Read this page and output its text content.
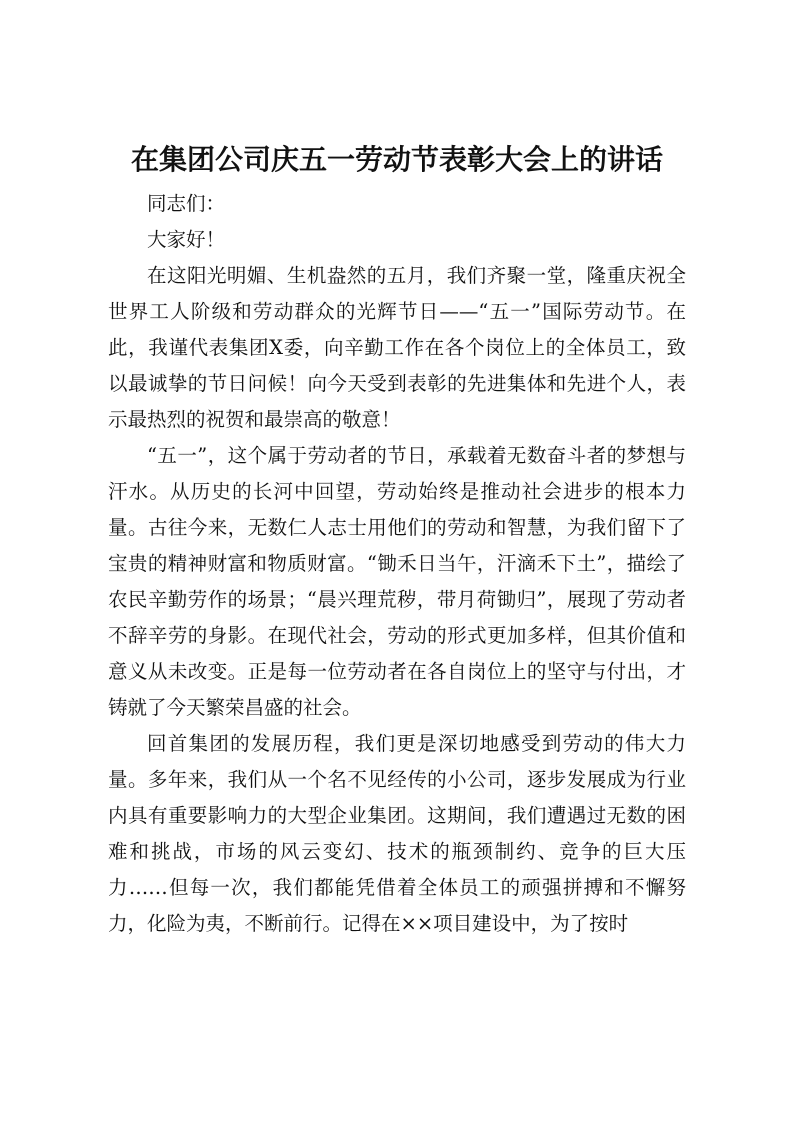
在集团公司庆五一劳动节表彰大会上的讲话

同志们：

大家好！

在这阳光明媚、生机盎然的五月，我们齐聚一堂，隆重庆祝全世界工人阶级和劳动群众的光辉节日——“五一”国际劳动节。在此，我谨代表集团X委，向辛勤工作在各个岗位上的全体员工，致以最诚挚的节日问候！向今天受到表彰的先进集体和先进个人，表示最热烈的祝贺和最崇高的敬意！

“五一”，这个属于劳动者的节日，承载着无数奋斗者的梦想与汗水。从历史的长河中回望，劳动始终是推动社会进步的根本力量。古往今来，无数仁人志士用他们的劳动和智慧，为我们留下了宝贵的精神财富和物质财富。“锄禾日当午，汗滴禾下土”，描绘了农民辛勤劳作的场景；“晨兴理荒秽，带月荷锄归”，展现了劳动者不辞辛劳的身影。在现代社会，劳动的形式更加多样，但其价值和意义从未改变。正是每一位劳动者在各自岗位上的坚守与付出，才铸就了今天繁荣昌盛的社会。

回首集团的发展历程，我们更是深切地感受到劳动的伟大力量。多年来，我们从一个名不见经传的小公司，逐步发展成为行业内具有重要影响力的大型企业集团。这期间，我们遭遇过无数的困难和挑战，市场的风云变幻、技术的瓶颈制约、竞争的巨大压力……但每一次，我们都能凭借着全体员工的顽强拼搏和不懈努力，化险为夷，不断前行。记得在××项目建设中，为了按时
